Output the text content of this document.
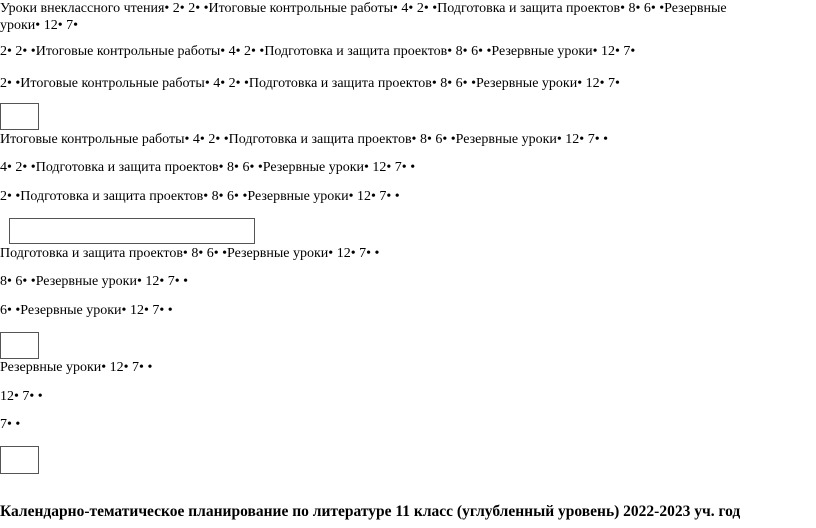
Уроки внеклассного чтения• 2• 2• •Итоговые контрольные работы• 4• 2• •Подготовка и защита проектов• 8• 6• •Резервные уроки• 12• 7•
2• 2• •Итоговые контрольные работы• 4• 2• •Подготовка и защита проектов• 8• 6• •Резервные уроки• 12• 7•
2• •Итоговые контрольные работы• 4• 2• •Подготовка и защита проектов• 8• 6• •Резервные уроки• 12• 7•
Итоговые контрольные работы• 4• 2• •Подготовка и защита проектов• 8• 6• •Резервные уроки• 12• 7• •
4• 2• •Подготовка и защита проектов• 8• 6• •Резервные уроки• 12• 7• •
2• •Подготовка и защита проектов• 8• 6• •Резервные уроки• 12• 7• •
Подготовка и защита проектов• 8• 6• •Резервные уроки• 12• 7• •
8• 6• •Резервные уроки• 12• 7• •
6• •Резервные уроки• 12• 7• •
Резервные уроки• 12• 7• •
12• 7• •
7• •
Календарно-тематическое планирование по литературе 11 класс (углубленный уровень) 2022-2023 уч. год
